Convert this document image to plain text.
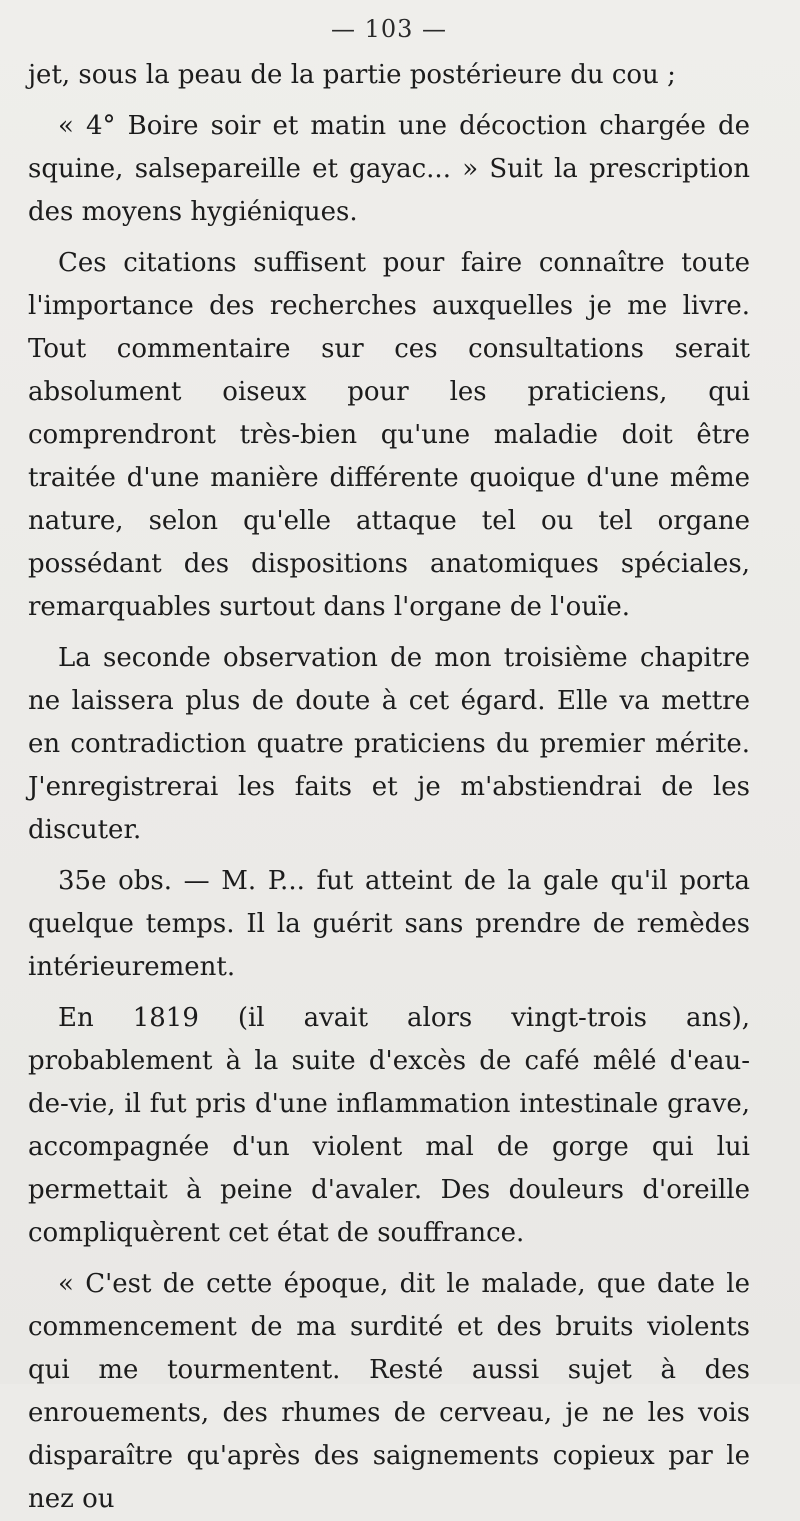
— 103 —

jet, sous la peau de la partie postérieure du cou ;

« 4° Boire soir et matin une décoction chargée de squine, salsepareille et gayac... » Suit la prescription des moyens hygiéniques.

Ces citations suffisent pour faire connaître toute l'importance des recherches auxquelles je me livre. Tout commentaire sur ces consultations serait absolument oiseux pour les praticiens, qui comprendront très-bien qu'une maladie doit être traitée d'une manière différente quoique d'une même nature, selon qu'elle attaque tel ou tel organe possédant des dispositions anatomiques spéciales, remarquables surtout dans l'organe de l'ouïe.

La seconde observation de mon troisième chapitre ne laissera plus de doute à cet égard. Elle va mettre en contradiction quatre praticiens du premier mérite. J'enregistrerai les faits et je m'abstiendrai de les discuter.

35e obs. — M. P... fut atteint de la gale qu'il porta quelque temps. Il la guérit sans prendre de remèdes intérieurement.

En 1819 (il avait alors vingt-trois ans), probablement à la suite d'excès de café mêlé d'eau-de-vie, il fut pris d'une inflammation intestinale grave, accompagnée d'un violent mal de gorge qui lui permettait à peine d'avaler. Des douleurs d'oreille compliquèrent cet état de souffrance.

« C'est de cette époque, dit le malade, que date le commencement de ma surdité et des bruits violents qui me tourmentent. Resté aussi sujet à des enrouements, des rhumes de cerveau, je ne les vois disparaître qu'après des saignements copieux par le nez ou
